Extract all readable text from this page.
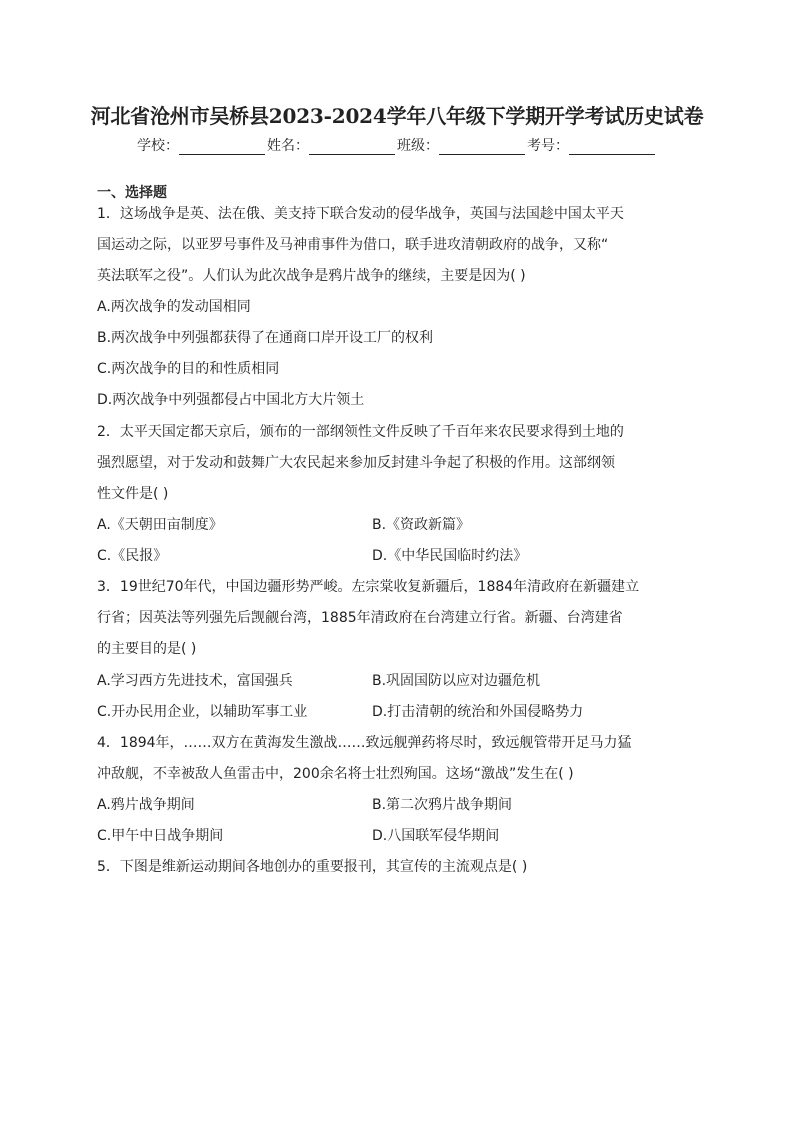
河北省沧州市吴桥县2023-2024学年八年级下学期开学考试历史试卷
学校：	姓名：	班级：	考号：
一、选择题
1．这场战争是英、法在俄、美支持下联合发动的侵华战争，英国与法国趁中国太平天
国运动之际，以亚罗号事件及马神甫事件为借口，联手进攻清朝政府的战争，又称“
英法联军之役”。人们认为此次战争是鸦片战争的继续，主要是因为( )
A.两次战争的发动国相同
B.两次战争中列强都获得了在通商口岸开设工厂的权利
C.两次战争的目的和性质相同
D.两次战争中列强都侵占中国北方大片领土
2．太平天国定都天京后，颁布的一部纲领性文件反映了千百年来农民要求得到土地的
强烈愿望，对于发动和鼓舞广大农民起来参加反封建斗争起了积极的作用。这部纲领
性文件是( )
A.《天朝田亩制度》	B.《资政新篇》
C.《民报》	D.《中华民国临时约法》
3．19世纪70年代，中国边疆形势严峻。左宗棠收复新疆后，1884年清政府在新疆建立
行省；因英法等列强先后觊觎台湾，1885年清政府在台湾建立行省。新疆、台湾建省
的主要目的是( )
A.学习西方先进技术，富国强兵	B.巩固国防以应对边疆危机
C.开办民用企业，以辅助军事工业	D.打击清朝的统治和外国侵略势力
4．1894年，……双方在黄海发生激战……致远舰弹药将尽时，致远舰管带开足马力猛
冲敌舰，不幸被敌人鱼雷击中，200余名将士壮烈殉国。这场“激战”发生在( )
A.鸦片战争期间	B.第二次鸦片战争期间
C.甲午中日战争期间	D.八国联军侵华期间
5．下图是维新运动期间各地创办的重要报刊，其宣传的主流观点是( )
